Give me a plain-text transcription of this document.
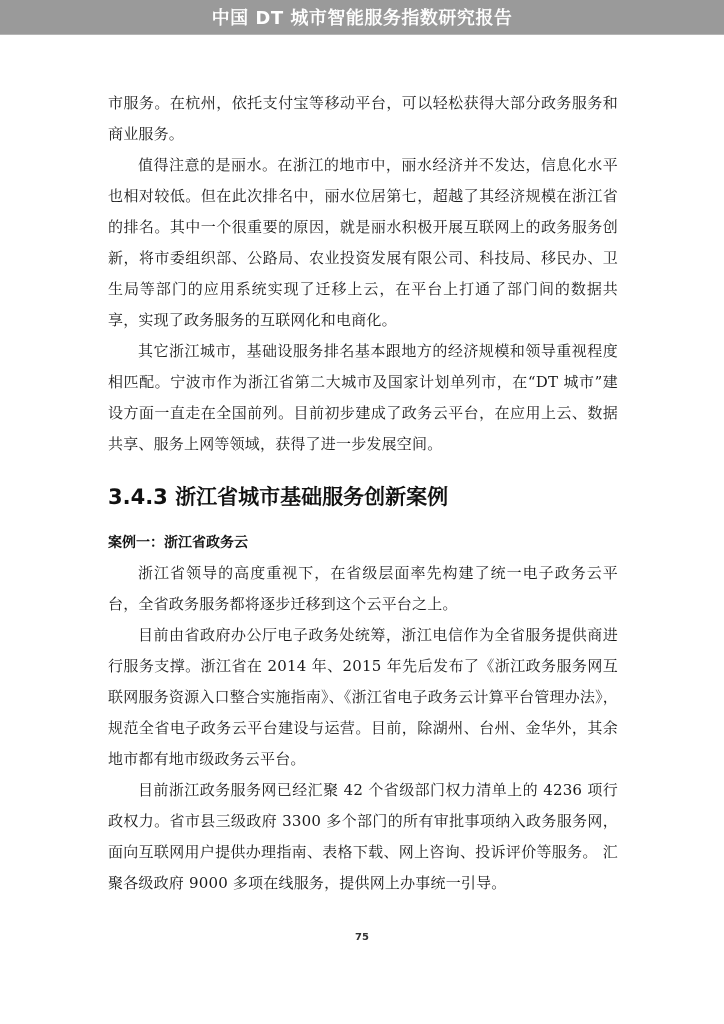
中国 DT 城市智能服务指数研究报告

市服务。在杭州，依托支付宝等移动平台，可以轻松获得大部分政务服务和商业服务。

值得注意的是丽水。在浙江的地市中，丽水经济并不发达，信息化水平也相对较低。但在此次排名中，丽水位居第七，超越了其经济规模在浙江省的排名。其中一个很重要的原因，就是丽水积极开展互联网上的政务服务创新，将市委组织部、公路局、农业投资发展有限公司、科技局、移民办、卫生局等部门的应用系统实现了迁移上云，在平台上打通了部门间的数据共享，实现了政务服务的互联网化和电商化。

其它浙江城市，基础设服务排名基本跟地方的经济规模和领导重视程度相匹配。宁波市作为浙江省第二大城市及国家计划单列市，在“DT 城市”建设方面一直走在全国前列。目前初步建成了政务云平台，在应用上云、数据共享、服务上网等领域，获得了进一步发展空间。

3.4.3 浙江省城市基础服务创新案例
案例一：浙江省政务云

浙江省领导的高度重视下，在省级层面率先构建了统一电子政务云平台，全省政务服务都将逐步迁移到这个云平台之上。

目前由省政府办公厅电子政务处统筹，浙江电信作为全省服务提供商进行服务支撑。浙江省在 2014 年、2015 年先后发布了《浙江政务服务网互联网服务资源入口整合实施指南》、《浙江省电子政务云计算平台管理办法》，规范全省电子政务云平台建设与运营。目前，除湖州、台州、金华外，其余地市都有地市级政务云平台。

目前浙江政务服务网已经汇聚 42 个省级部门权力清单上的 4236 项行政权力。省市县三级政府 3300 多个部门的所有审批事项纳入政务服务网，面向互联网用户提供办理指南、表格下载、网上咨询、投诉评价等服务。 汇聚各级政府 9000 多项在线服务，提供网上办事统一引导。

75
